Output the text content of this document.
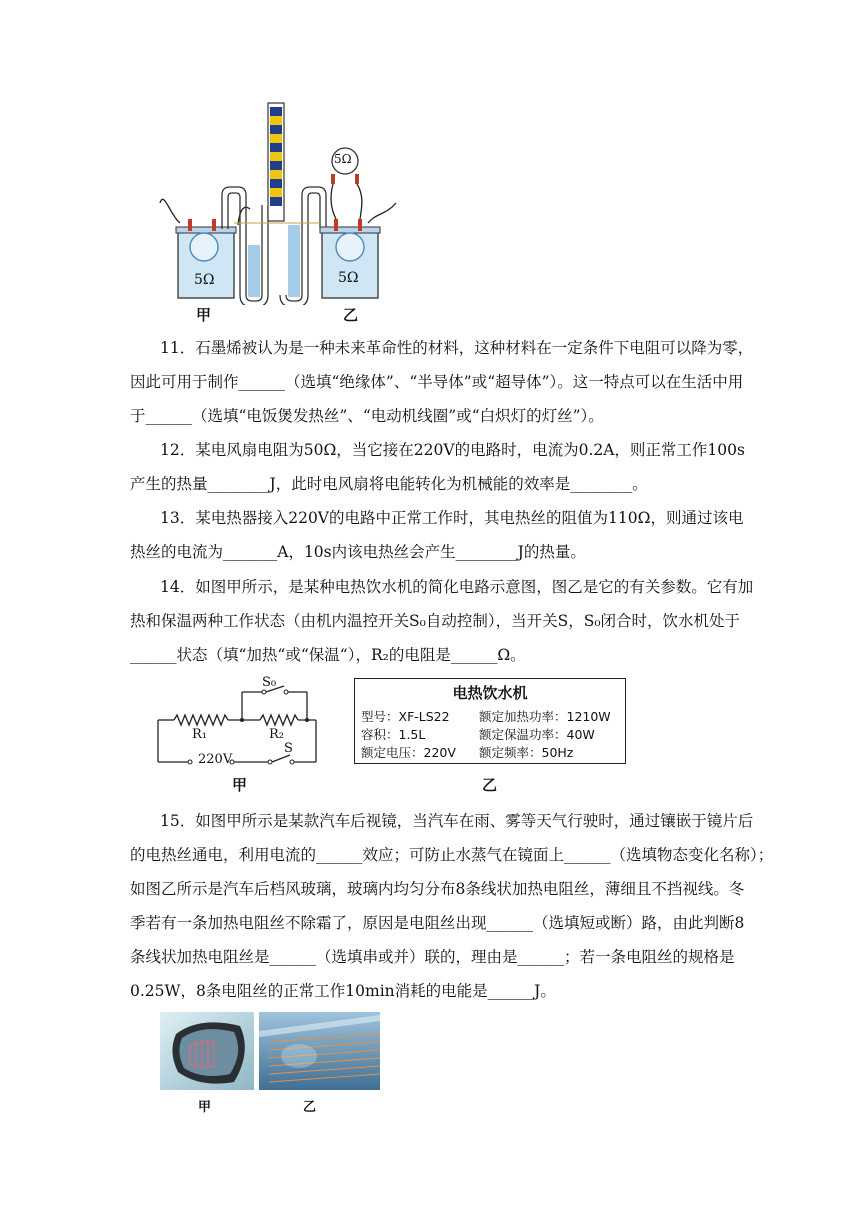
5Ω	5Ω
5Ω
甲	乙
11．石墨烯被认为是一种未来革命性的材料，这种材料在一定条件下电阻可以降为零，
因此可用于制作______（选填“绝缘体”、“半导体”或“超导体”）。这一特点可以在生活中用
于______（选填“电饭煲发热丝”、“电动机线圈”或“白炽灯的灯丝”）。
12．某电风扇电阻为50Ω，当它接在220V的电路时，电流为0.2A，则正常工作100s
产生的热量________J，此时电风扇将电能转化为机械能的效率是________。
13．某电热器接入220V的电路中正常工作时，其电热丝的阻值为110Ω，则通过该电
热丝的电流为_______A，10s内该电热丝会产生________J的热量。
14．如图甲所示，是某种电热饮水机的简化电路示意图，图乙是它的有关参数。它有加
热和保温两种工作状态（由机内温控开关S₀自动控制），当开关S，S₀闭合时，饮水机处于
______状态（填“加热“或“保温“），R₂的电阻是______Ω。
S₀
R₁	R₂
S
220V
甲
电热饮水机
型号：XF-LS22 额定加热功率：1210W
容积：1.5L	额定保温功率：40W
额定电压：220V 额定频率：50Hz
乙
15．如图甲所示是某款汽车后视镜，当汽车在雨、雾等天气行驶时，通过镶嵌于镜片后
的电热丝通电，利用电流的______效应；可防止水蒸气在镜面上______（选填物态变化名称）；
如图乙所示是汽车后档风玻璃，玻璃内均匀分布8条线状加热电阻丝，薄细且不挡视线。冬
季若有一条加热电阻丝不除霜了，原因是电阻丝出现______（选填短或断）路，由此判断8
条线状加热电阻丝是______（选填串或并）联的，理由是______；若一条电阻丝的规格是
0.25W，8条电阻丝的正常工作10min消耗的电能是______J。
甲	乙
